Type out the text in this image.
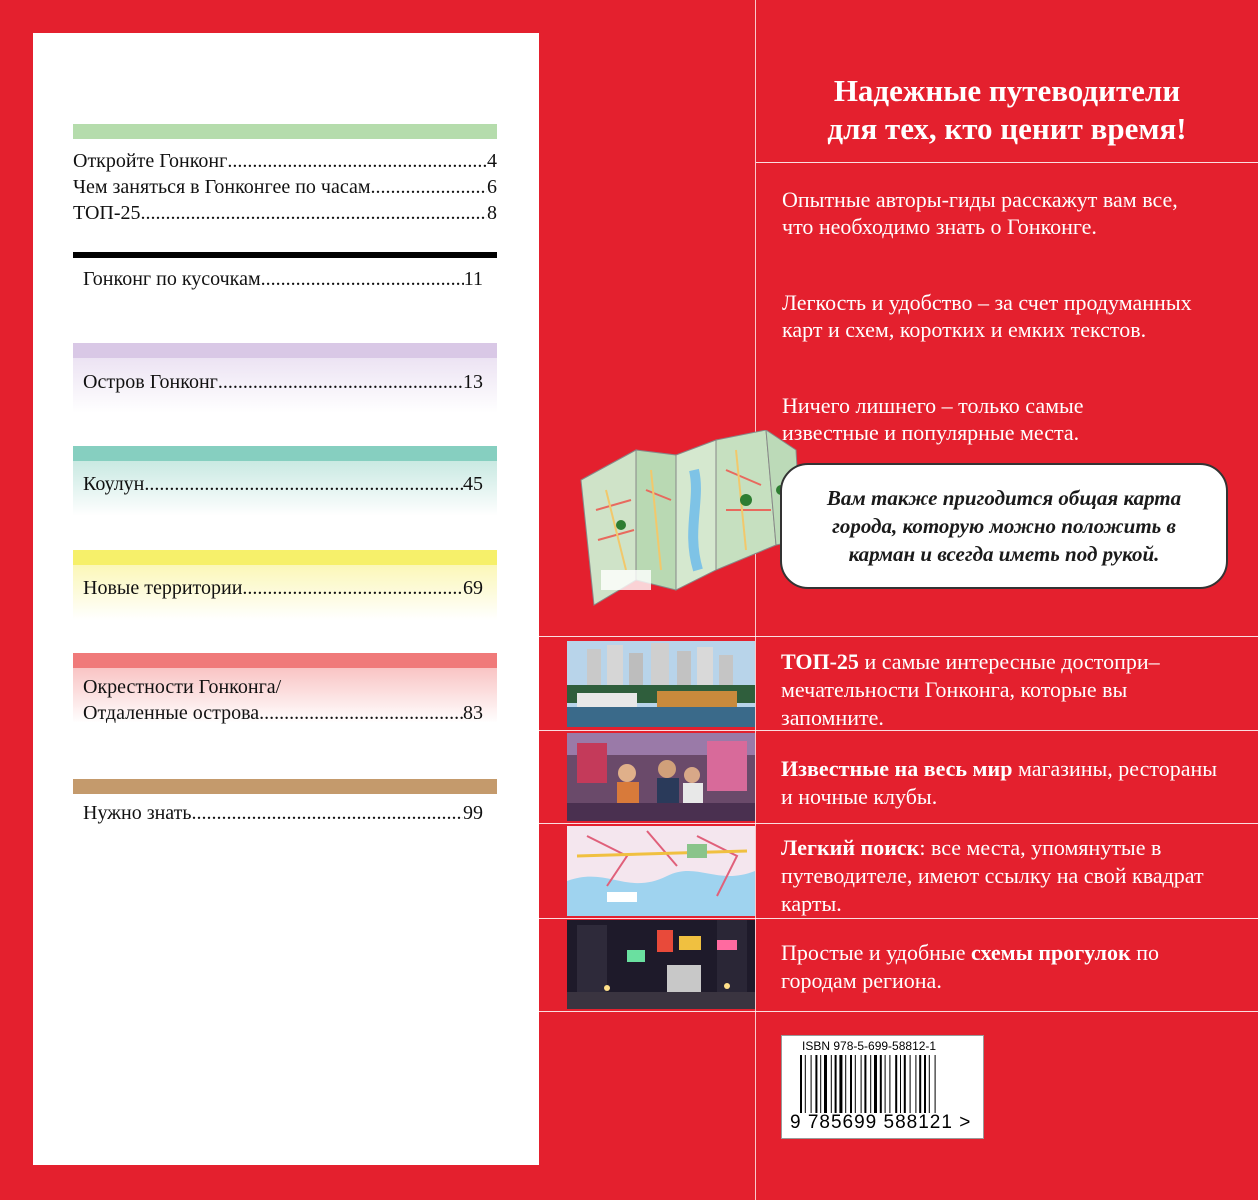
Откройте Гонконг .....	4
Чем заняться в Гонконгее по часам .....	6
ТОП-25 .....	8
Гонконг по кусочкам .....	11
Остров Гонконг .....	13
Коулун .....	45
Новые территории .....	69
Окрестности Гонконга/
Отдаленные острова .....	83
Нужно знать .....	99
Надежные путеводители
для тех, кто ценит время!
Опытные авторы-гиды расскажут вам все, что необходимо знать о Гонконге.
Легкость и удобство – за счет продуманных карт и схем, коротких и емких текстов.
Ничего лишнего – только самые известные и популярные места.
Вам также пригодится общая карта города, которую можно положить в карман и всегда иметь под рукой.
ТОП-25 и самые интересные достопри–мечательности Гонконга, которые вы запомните.
Известные на весь мир магазины, рестораны и ночные клубы.
Легкий поиск: все места, упомянутые в путеводителе, имеют ссылку на свой квадрат карты.
Простые и удобные схемы прогулок по городам региона.
ISBN 978-5-699-58812-1
9 785699 588121 >
